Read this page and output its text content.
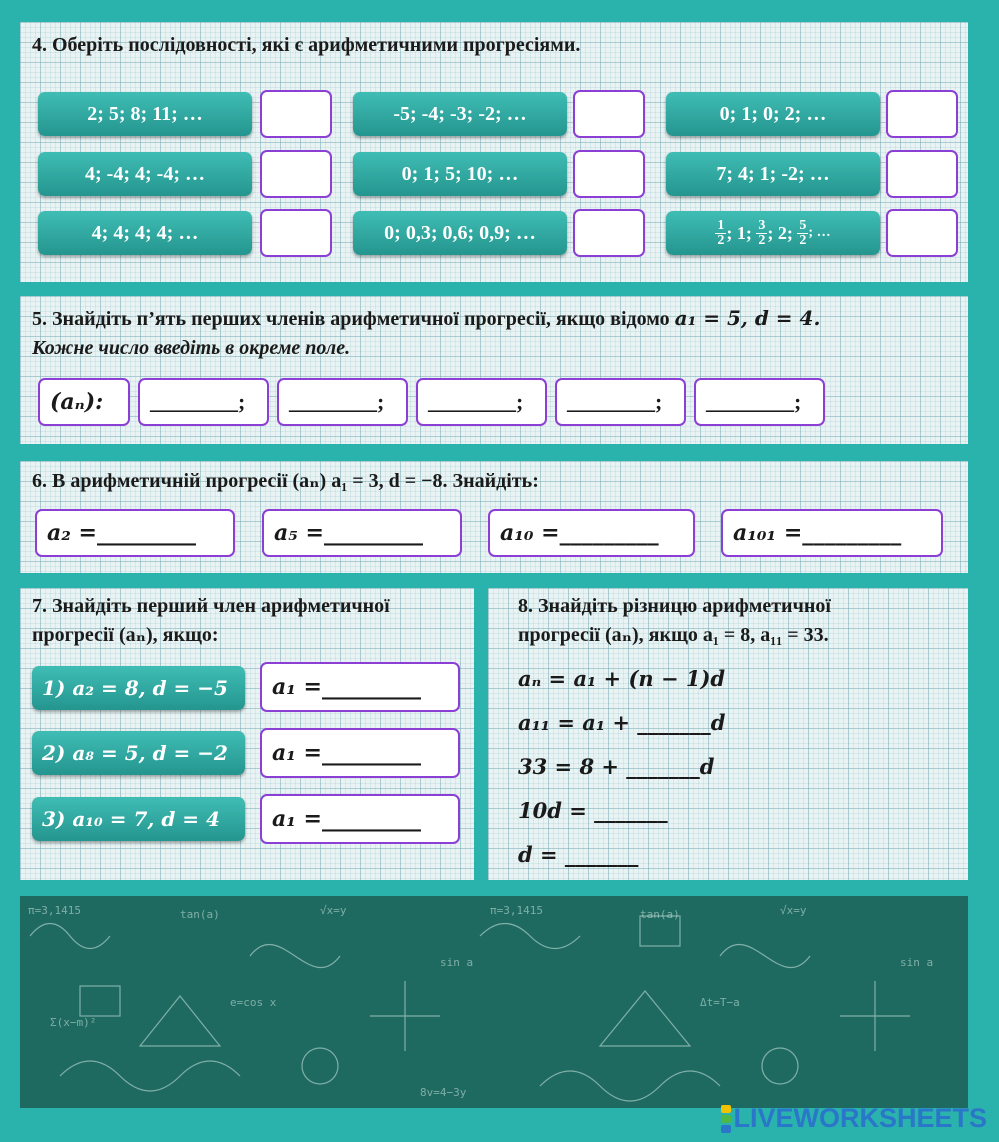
4. Оберіть послідовності, які є арифметичними прогресіями.
2; 5; 8; 11; …	-5; -4; -3; -2; …	0; 1; 0; 2; …
4; -4; 4; -4; …	0; 1; 5; 10; …	7; 4; 1; -2; …
4; 4; 4; 4; …	0; 0,3; 0,6; 0,9; …	$\frac{1}{2}$ ; 1; $\frac{3}{2}$ ; 2; $\frac{5}{2}$ ; …
5. Знайдіть п’ять перших членів арифметичної прогресії, якщо відомо a₁ = 5, d = 4.
Кожне число введіть в окреме поле.
(aₙ): ________; ________; ________; ________; ________;
6. В арифметичній прогресії (aₙ) a₁ = 3, d = −8. Знайдіть:
a₂ =_________	a₅ =_________	a₁₀ =_________	a₁₀₁ =_________
7. Знайдіть перший член арифметичної
прогресії (aₙ), якщо:
1) a₂ = 8, d = −5 a₁ =_________
2) a₈ = 5, d = −2 a₁ =_________
3) a₁₀ = 7, d = 4 a₁ =_________
8. Знайдіть різницю арифметичної
прогресії (aₙ), якщо a₁ = 8, a₁₁ = 33.
aₙ = a₁ + (n − 1)d
a₁₁ = a₁ + _______d
33 = 8 + _______d
10d = _______
d = _______
π=3,1415	tan(a)	√x=y	π=3,1415	tan(a)	√x=y
Σ(x−m)²
sin a	sin a
e=cos x	Δt=T−a
8v=4−3y
LIVEWORKSHEETS
